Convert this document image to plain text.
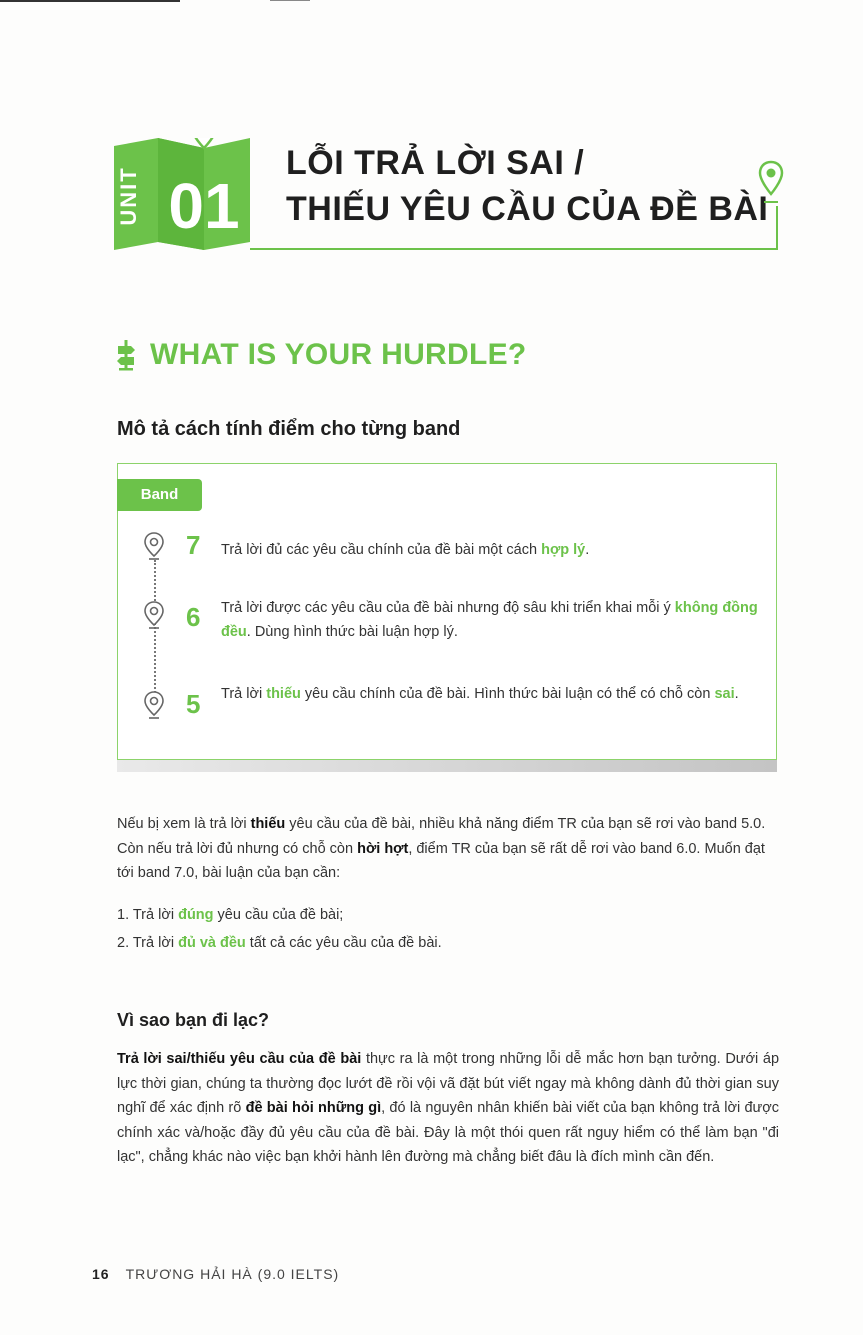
UNIT 01
LỖI TRẢ LỜI SAI /
THIẾU YÊU CẦU CỦA ĐỀ BÀI
WHAT IS YOUR HURDLE?
Mô tả cách tính điểm cho từng band
Band
7 Trả lời đủ các yêu cầu chính của đề bài một cách hợp lý.
6 Trả lời được các yêu cầu của đề bài nhưng độ sâu khi triển khai mỗi ý không đồng đều. Dùng hình thức bài luận hợp lý.
5 Trả lời thiếu yêu cầu chính của đề bài. Hình thức bài luận có thể có chỗ còn sai.
Nếu bị xem là trả lời thiếu yêu cầu của đề bài, nhiều khả năng điểm TR của bạn sẽ rơi vào band 5.0. Còn nếu trả lời đủ nhưng có chỗ còn hời hợt, điểm TR của bạn sẽ rất dễ rơi vào band 6.0. Muốn đạt tới band 7.0, bài luận của bạn cần:
1. Trả lời đúng yêu cầu của đề bài;
2. Trả lời đủ và đều tất cả các yêu cầu của đề bài.
Vì sao bạn đi lạc?
Trả lời sai/thiếu yêu cầu của đề bài thực ra là một trong những lỗi dễ mắc hơn bạn tưởng. Dưới áp lực thời gian, chúng ta thường đọc lướt đề rồi vội vã đặt bút viết ngay mà không dành đủ thời gian suy nghĩ để xác định rõ đề bài hỏi những gì, đó là nguyên nhân khiến bài viết của bạn không trả lời được chính xác và/hoặc đầy đủ yêu cầu của đề bài. Đây là một thói quen rất nguy hiểm có thể làm bạn "đi lạc", chẳng khác nào việc bạn khởi hành lên đường mà chẳng biết đâu là đích mình cần đến.
16 TRƯƠNG HẢI HÀ (9.0 IELTS)
